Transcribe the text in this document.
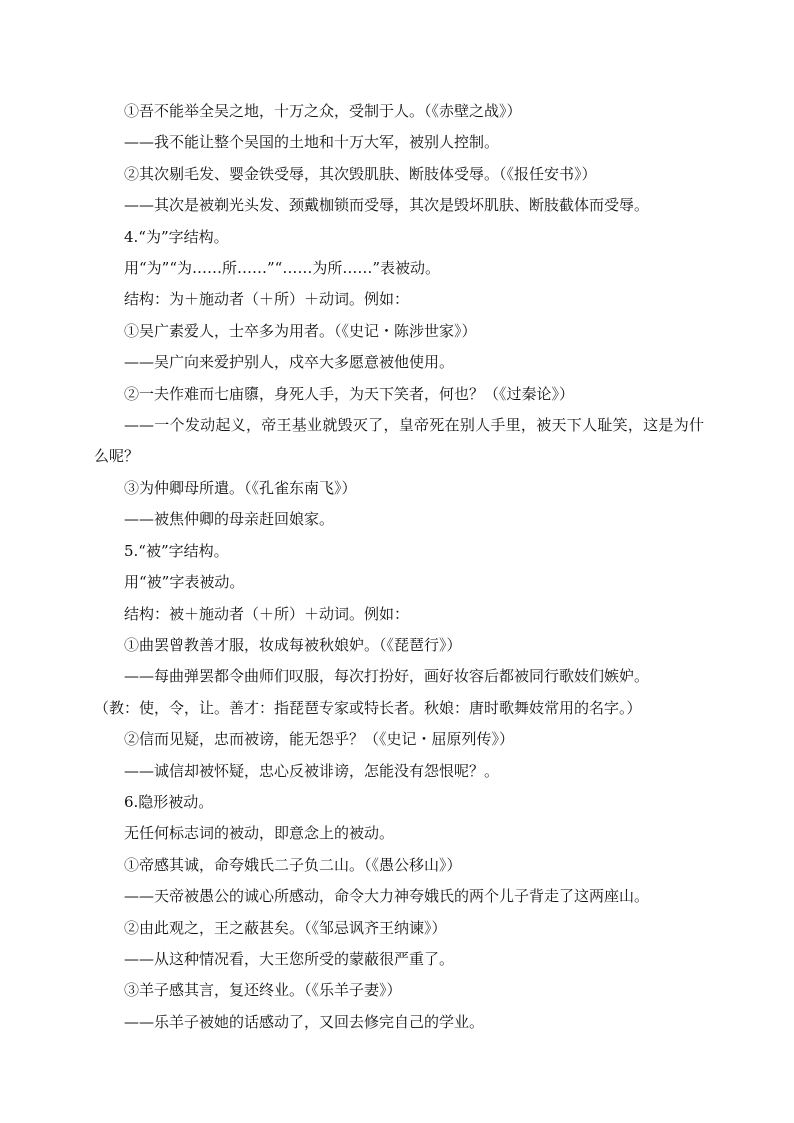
①吾不能举全吴之地，十万之众，受制于人。（《赤壁之战》）
——我不能让整个吴国的土地和十万大军，被别人控制。
②其次剔毛发、婴金铁受辱，其次毁肌肤、断肢体受辱。（《报任安书》）
——其次是被剃光头发、颈戴枷锁而受辱，其次是毁坏肌肤、断肢截体而受辱。
4.“为”字结构。
用“为”“为……所……”“……为所……”表被动。
结构：为＋施动者（＋所）＋动词。例如：
①吴广素爱人，士卒多为用者。（《史记・陈涉世家》）
——吴广向来爱护别人，戍卒大多愿意被他使用。
②一夫作难而七庙隳，身死人手，为天下笑者，何也？（《过秦论》）
——一个发动起义，帝王基业就毁灭了，皇帝死在别人手里，被天下人耻笑，这是为什么呢？
③为仲卿母所遣。（《孔雀东南飞》）
——被焦仲卿的母亲赶回娘家。
5.“被”字结构。
用“被”字表被动。
结构：被＋施动者（＋所）＋动词。例如：
①曲罢曾教善才服，妆成每被秋娘妒。（《琵琶行》）
——每曲弹罢都令曲师们叹服，每次打扮好，画好妆容后都被同行歌妓们嫉妒。
（教：使，令，让。善才：指琵琶专家或特长者。秋娘：唐时歌舞妓常用的名字。）
②信而见疑，忠而被谤，能无怨乎？（《史记・屈原列传》）
——诚信却被怀疑，忠心反被诽谤，怎能没有怨恨呢？。
6.隐形被动。
无任何标志词的被动，即意念上的被动。
①帝感其诚，命夸娥氏二子负二山。（《愚公移山》）
——天帝被愚公的诚心所感动，命令大力神夸娥氏的两个儿子背走了这两座山。
②由此观之，王之蔽甚矣。（《邹忌讽齐王纳谏》）
——从这种情况看，大王您所受的蒙蔽很严重了。
③羊子感其言，复还终业。（《乐羊子妻》）
——乐羊子被她的话感动了，又回去修完自己的学业。
